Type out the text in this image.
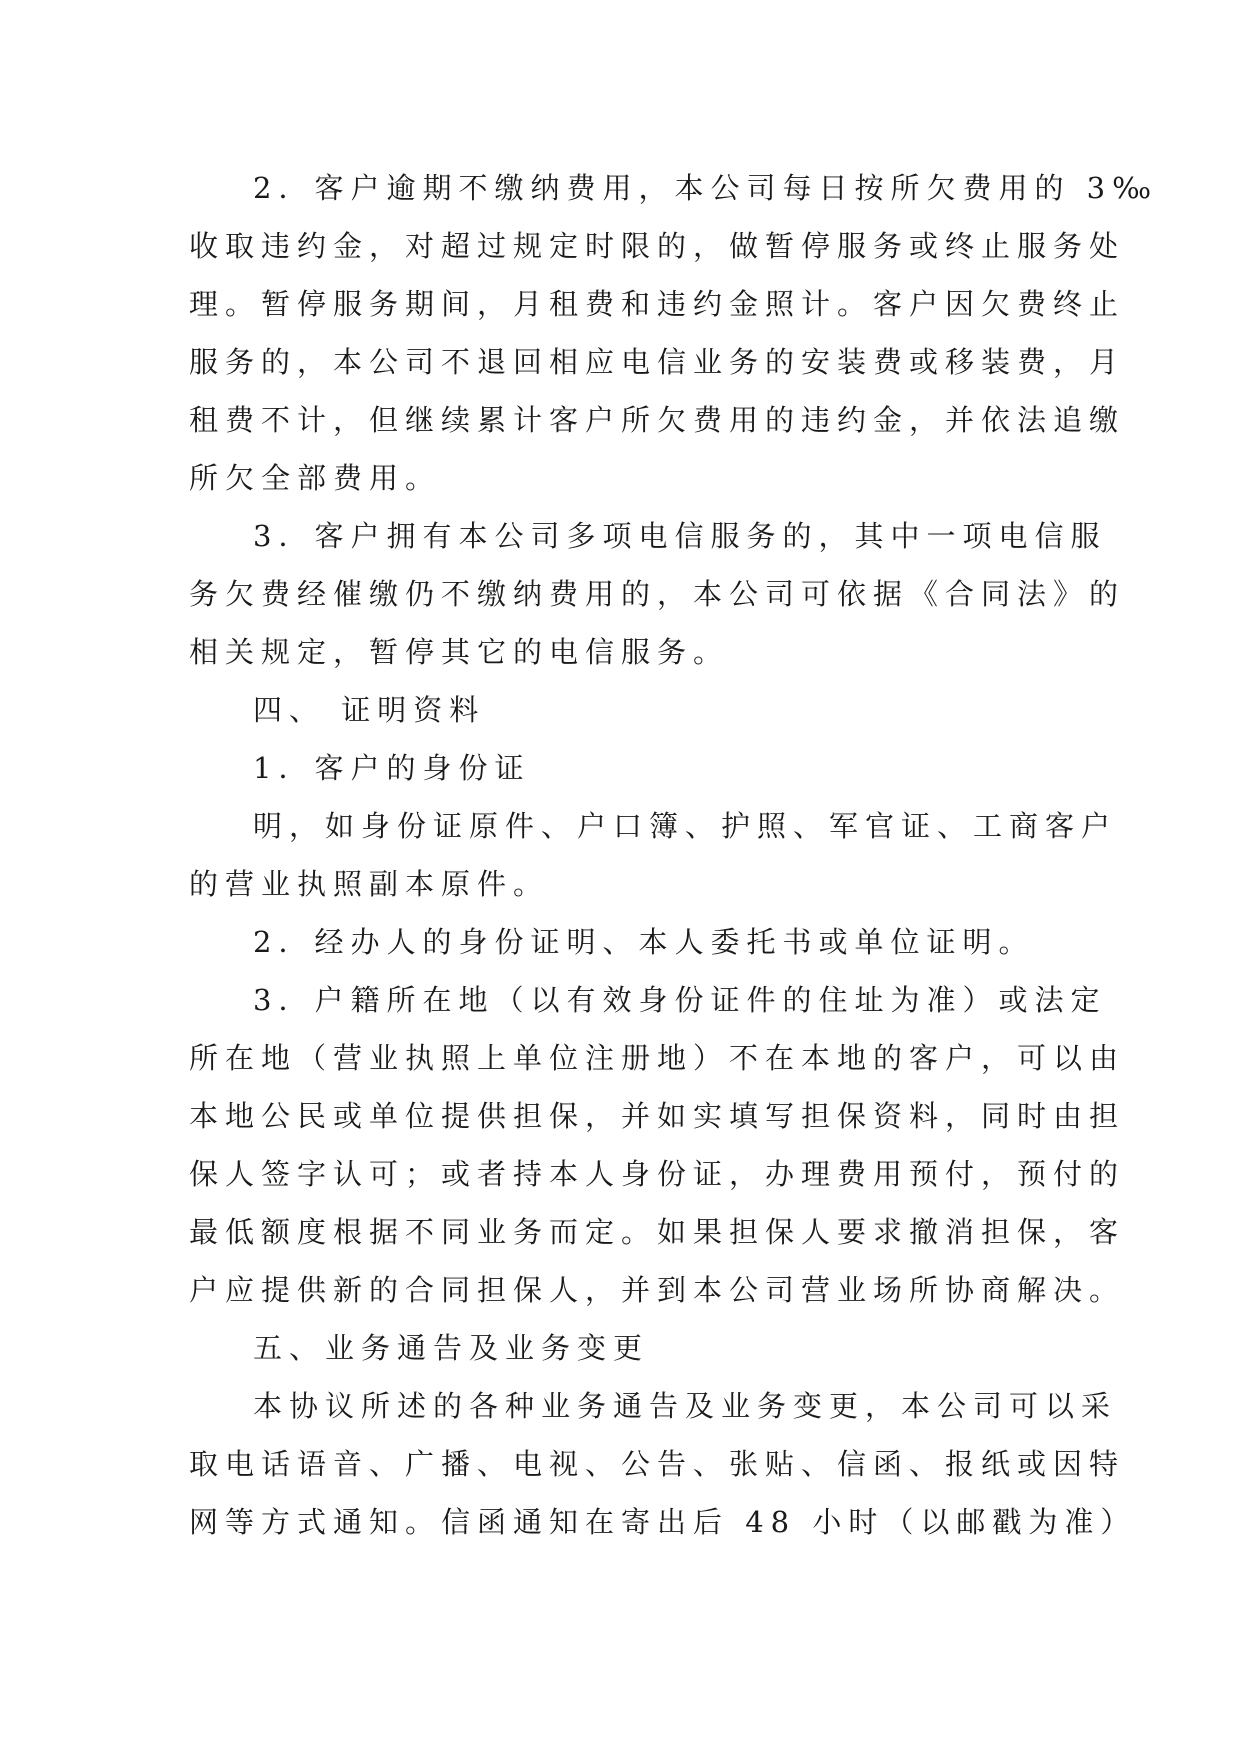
2．客户逾期不缴纳费用，本公司每日按所欠费用的 3‰

收取违约金，对超过规定时限的，做暂停服务或终止服务处

理。暂停服务期间，月租费和违约金照计。客户因欠费终止

服务的，本公司不退回相应电信业务的安装费或移装费，月

租费不计，但继续累计客户所欠费用的违约金，并依法追缴

所欠全部费用。

3．客户拥有本公司多项电信服务的，其中一项电信服

务欠费经催缴仍不缴纳费用的，本公司可依据《合同法》的

相关规定，暂停其它的电信服务。

四、 证明资料

1．客户的身份证

明，如身份证原件、户口簿、护照、军官证、工商客户

的营业执照副本原件。

2．经办人的身份证明、本人委托书或单位证明。

3．户籍所在地（以有效身份证件的住址为准）或法定

所在地（营业执照上单位注册地）不在本地的客户，可以由

本地公民或单位提供担保，并如实填写担保资料，同时由担

保人签字认可；或者持本人身份证，办理费用预付，预付的

最低额度根据不同业务而定。如果担保人要求撤消担保，客

户应提供新的合同担保人，并到本公司营业场所协商解决。

五、业务通告及业务变更

本协议所述的各种业务通告及业务变更，本公司可以采

取电话语音、广播、电视、公告、张贴、信函、报纸或因特

网等方式通知。信函通知在寄出后 48 小时（以邮戳为准）
